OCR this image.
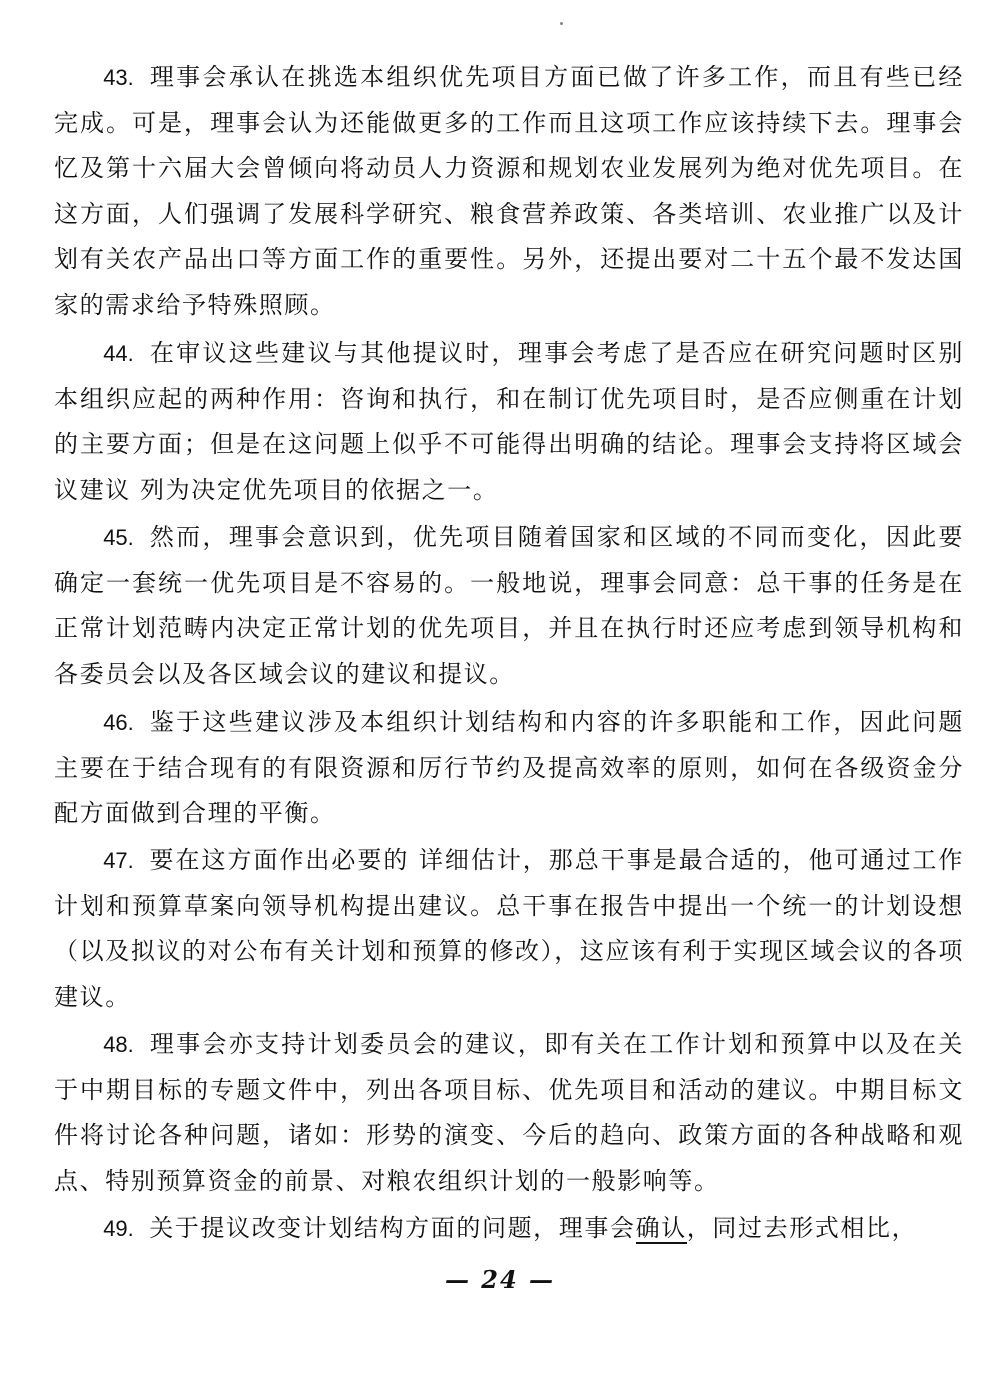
43. 理事会承认在挑选本组织优先项目方面已做了许多工作，而且有些已经完成。可是，理事会认为还能做更多的工作而且这项工作应该持续下去。理事会忆及第十六届大会曾倾向将动员人力资源和规划农业发展列为绝对优先项目。在这方面，人们强调了发展科学研究、粮食营养政策、各类培训、农业推广以及计划有关农产品出口等方面工作的重要性。另外，还提出要对二十五个最不发达国家的需求给予特殊照顾。

44. 在审议这些建议与其他提议时，理事会考虑了是否应在研究问题时区别本组织应起的两种作用：咨询和执行，和在制订优先项目时，是否应侧重在计划的主要方面；但是在这问题上似乎不可能得出明确的结论。理事会支持将区域会议建议 列为决定优先项目的依据之一。

45. 然而，理事会意识到，优先项目随着国家和区域的不同而变化，因此要确定一套统一优先项目是不容易的。一般地说，理事会同意：总干事的任务是在正常计划范畴内决定正常计划的优先项目，并且在执行时还应考虑到领导机构和各委员会以及各区域会议的建议和提议。

46. 鉴于这些建议涉及本组织计划结构和内容的许多职能和工作，因此问题主要在于结合现有的有限资源和厉行节约及提高效率的原则，如何在各级资金分配方面做到合理的平衡。

47. 要在这方面作出必要的 详细估计，那总干事是最合适的，他可通过工作计划和预算草案向领导机构提出建议。总干事在报告中提出一个统一的计划设想（以及拟议的对公布有关计划和预算的修改），这应该有利于实现区域会议的各项建议。

48. 理事会亦支持计划委员会的建议，即有关在工作计划和预算中以及在关于中期目标的专题文件中，列出各项目标、优先项目和活动的建议。中期目标文件将讨论各种问题，诸如：形势的演变、今后的趋向、政策方面的各种战略和观点、特别预算资金的前景、对粮农组织计划的一般影响等。

49. 关于提议改变计划结构方面的问题，理事会确认，同过去形式相比，

— 24 —
